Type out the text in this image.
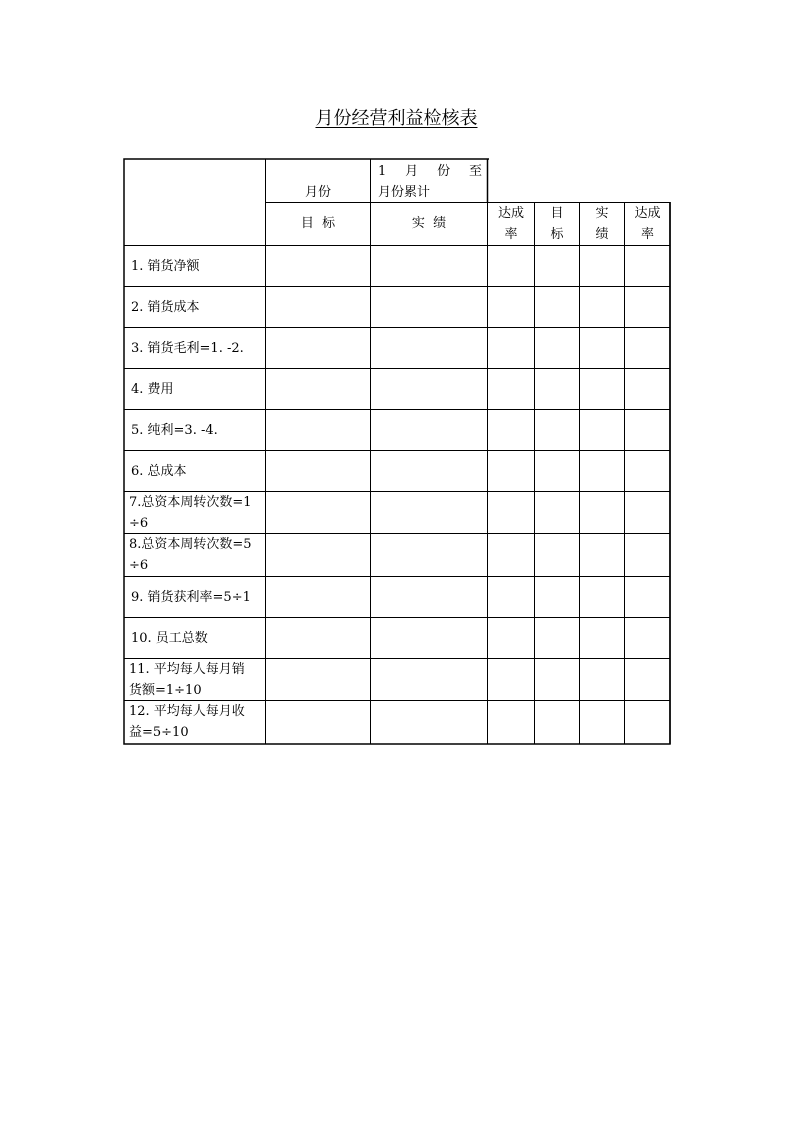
月份经营利益检核表
月份
1　月　份　至
月份累计
目  标	实  绩
达成
率
目
标
实
绩
达成
率
1. 销货净额
2. 销货成本
3. 销货毛利=1. -2.
4. 费用
5. 纯利=3. -4.
6. 总成本
7.总资本周转次数=1
÷6
8.总资本周转次数=5
÷6
9. 销货获利率=5÷1
10. 员工总数
11. 平均每人每月销
货额=1÷10
12. 平均每人每月收
益=5÷10
